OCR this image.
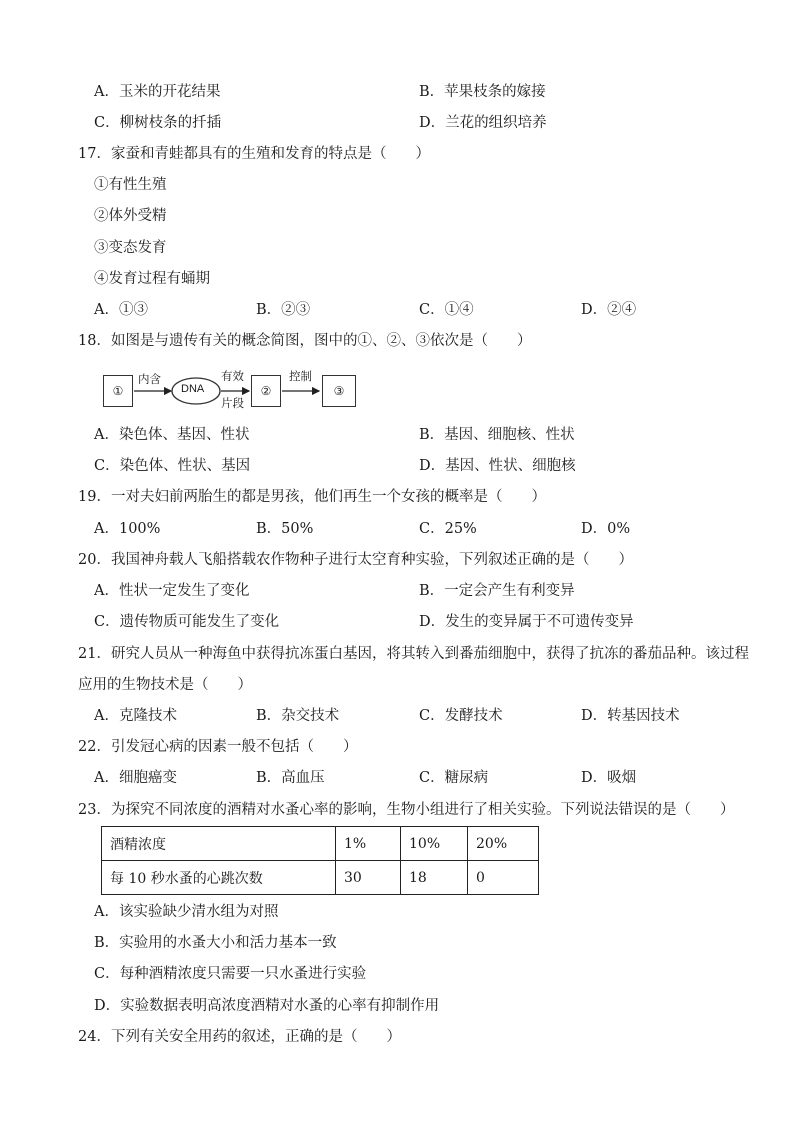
A．玉米的开花结果	B．苹果枝条的嫁接
C．柳树枝条的扦插	D．兰花的组织培养
17．家蚕和青蛙都具有的生殖和发育的特点是（　　）
①有性生殖
②体外受精
③变态发育
④发育过程有蛹期
A．①③	B．②③	C．①④	D．②④
18．如图是与遗传有关的概念简图，图中的①、②、③依次是（　　）
①
内含
DNA
有效
片段
②
控制
③
A．染色体、基因、性状	B．基因、细胞核、性状
C．染色体、性状、基因	D．基因、性状、细胞核
19．一对夫妇前两胎生的都是男孩，他们再生一个女孩的概率是（　　）
A．100%	B．50%	C．25%	D．0%
20．我国神舟载人飞船搭载农作物种子进行太空育种实验，下列叙述正确的是（　　）
A．性状一定发生了变化	B．一定会产生有利变异
C．遗传物质可能发生了变化	D．发生的变异属于不可遗传变异
21．研究人员从一种海鱼中获得抗冻蛋白基因，将其转入到番茄细胞中，获得了抗冻的番茄品种。该过程
应用的生物技术是（　　）
A．克隆技术	B．杂交技术	C．发酵技术	D．转基因技术
22．引发冠心病的因素一般不包括（　　）
A．细胞癌变	B．高血压	C．糖尿病	D．吸烟
23．为探究不同浓度的酒精对水蚤心率的影响，生物小组进行了相关实验。下列说法错误的是（　　）
酒精浓度	1%	10%	20%
每 10 秒水蚤的心跳次数	30	18	0
A．该实验缺少清水组为对照
B．实验用的水蚤大小和活力基本一致
C．每种酒精浓度只需要一只水蚤进行实验
D．实验数据表明高浓度酒精对水蚤的心率有抑制作用
24．下列有关安全用药的叙述，正确的是（　　）
